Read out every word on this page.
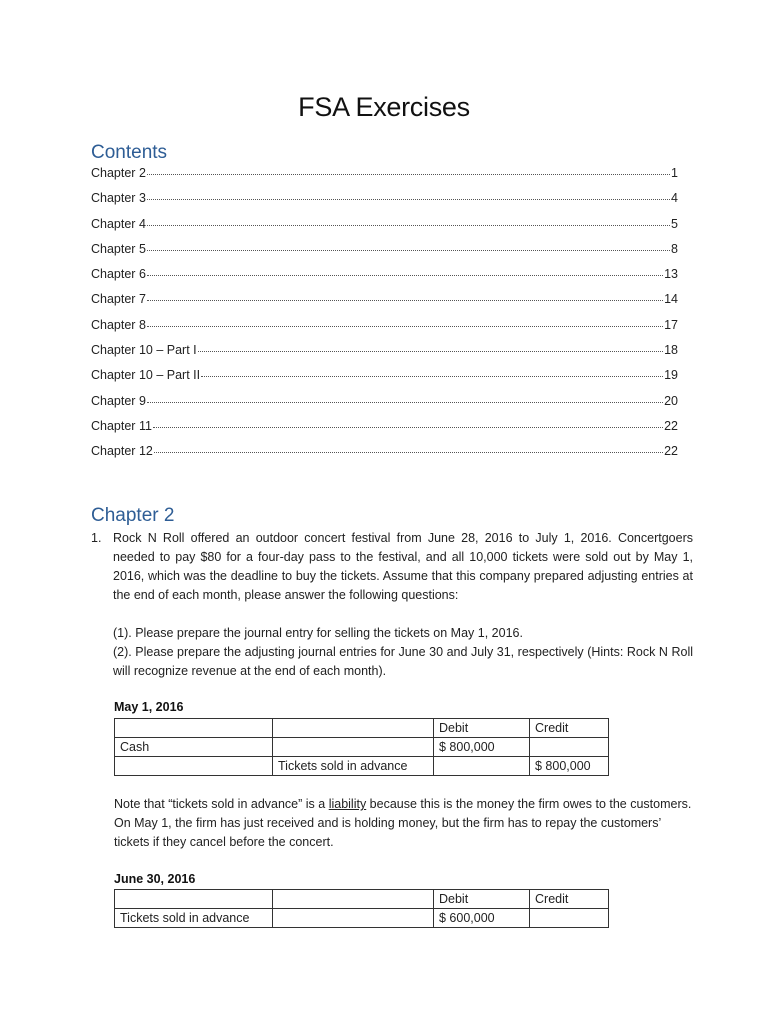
FSA Exercises
Contents
Chapter 2	1
Chapter 3	4
Chapter 4	5
Chapter 5	8
Chapter 6	13
Chapter 7	14
Chapter 8	17
Chapter 10 – Part I	18
Chapter 10 – Part II	19
Chapter 9	20
Chapter 11	22
Chapter 12	22
Chapter 2
1. Rock N Roll offered an outdoor concert festival from June 28, 2016 to July 1, 2016. Concertgoers needed to pay $80 for a four-day pass to the festival, and all 10,000 tickets were sold out by May 1, 2016, which was the deadline to buy the tickets. Assume that this company prepared adjusting entries at the end of each month, please answer the following questions:
(1). Please prepare the journal entry for selling the tickets on May 1, 2016.
(2). Please prepare the adjusting journal entries for June 30 and July 31, respectively (Hints: Rock N Roll will recognize revenue at the end of each month).
May 1, 2016
		Debit	Credit
Cash		$ 800,000	
	Tickets sold in advance		$ 800,000
Note that “tickets sold in advance” is a liability because this is the money the firm owes to the customers. On May 1, the firm has just received and is holding money, but the firm has to repay the customers’ tickets if they cancel before the concert.
June 30, 2016
		Debit	Credit
Tickets sold in advance		$ 600,000	
